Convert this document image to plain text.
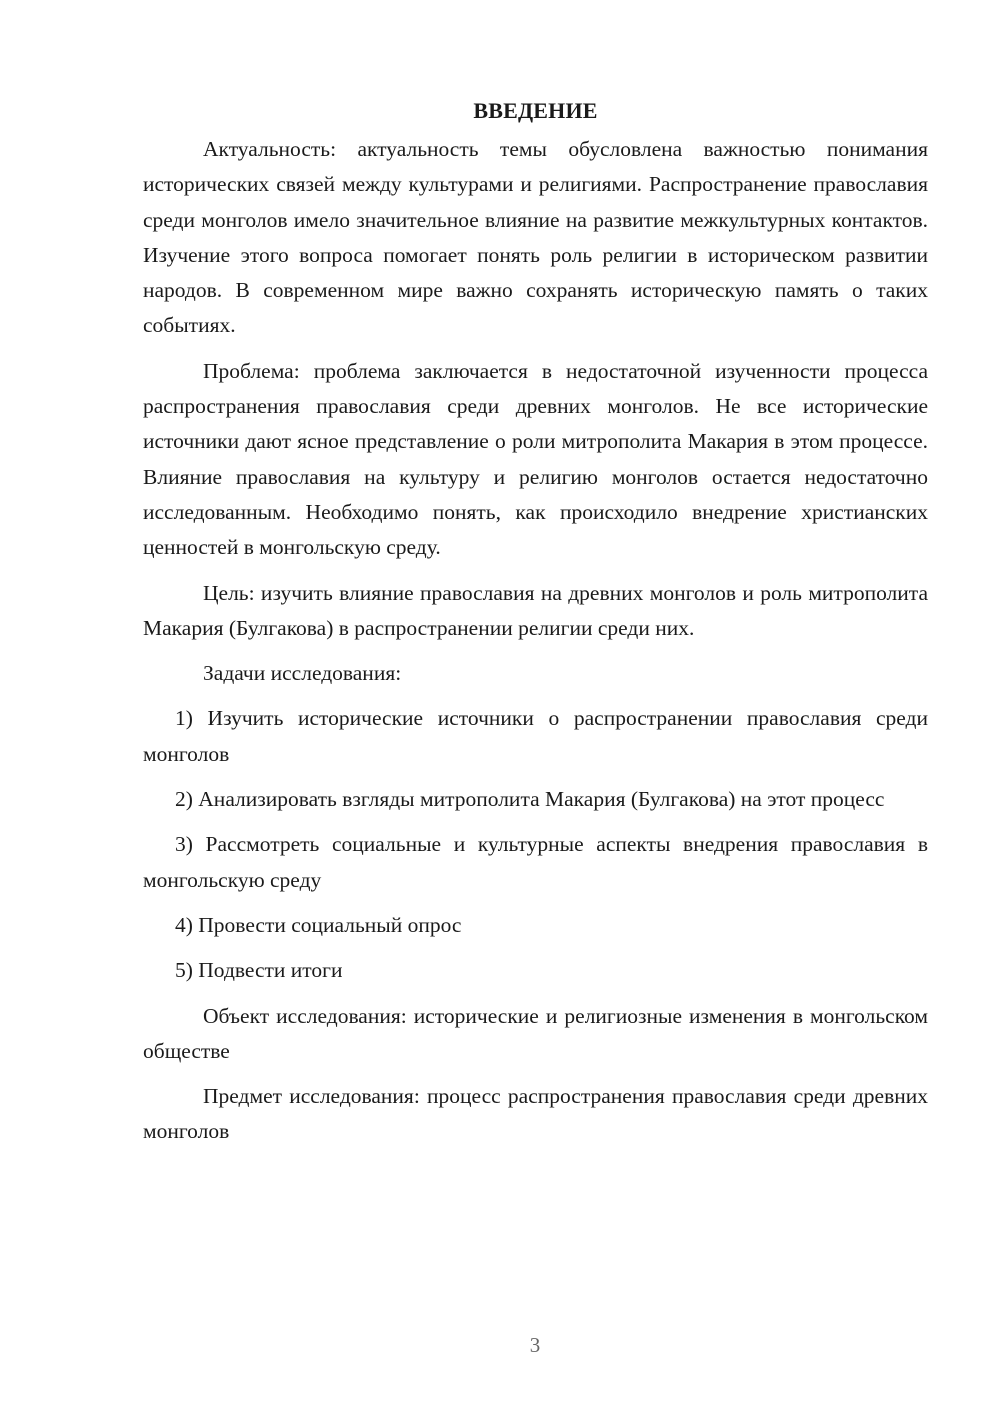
ВВЕДЕНИЕ

Актуальность: актуальность темы обусловлена важностью понимания исторических связей между культурами и религиями. Распространение православия среди монголов имело значительное влияние на развитие межкультурных контактов. Изучение этого вопроса помогает понять роль религии в историческом развитии народов. В современном мире важно сохранять историческую память о таких событиях.

Проблема: проблема заключается в недостаточной изученности процесса распространения православия среди древних монголов. Не все исторические источники дают ясное представление о роли митрополита Макария в этом процессе. Влияние православия на культуру и религию монголов остается недостаточно исследованным. Необходимо понять, как происходило внедрение христианских ценностей в монгольскую среду.

Цель: изучить влияние православия на древних монголов и роль митрополита Макария (Булгакова) в распространении религии среди них.

Задачи исследования:

1) Изучить исторические источники о распространении православия среди монголов

2) Анализировать взгляды митрополита Макария (Булгакова) на этот процесс

3) Рассмотреть социальные и культурные аспекты внедрения православия в монгольскую среду

4) Провести социальный опрос

5) Подвести итоги

Объект исследования: исторические и религиозные изменения в монгольском обществе

Предмет исследования: процесс распространения православия среди древних монголов

3
